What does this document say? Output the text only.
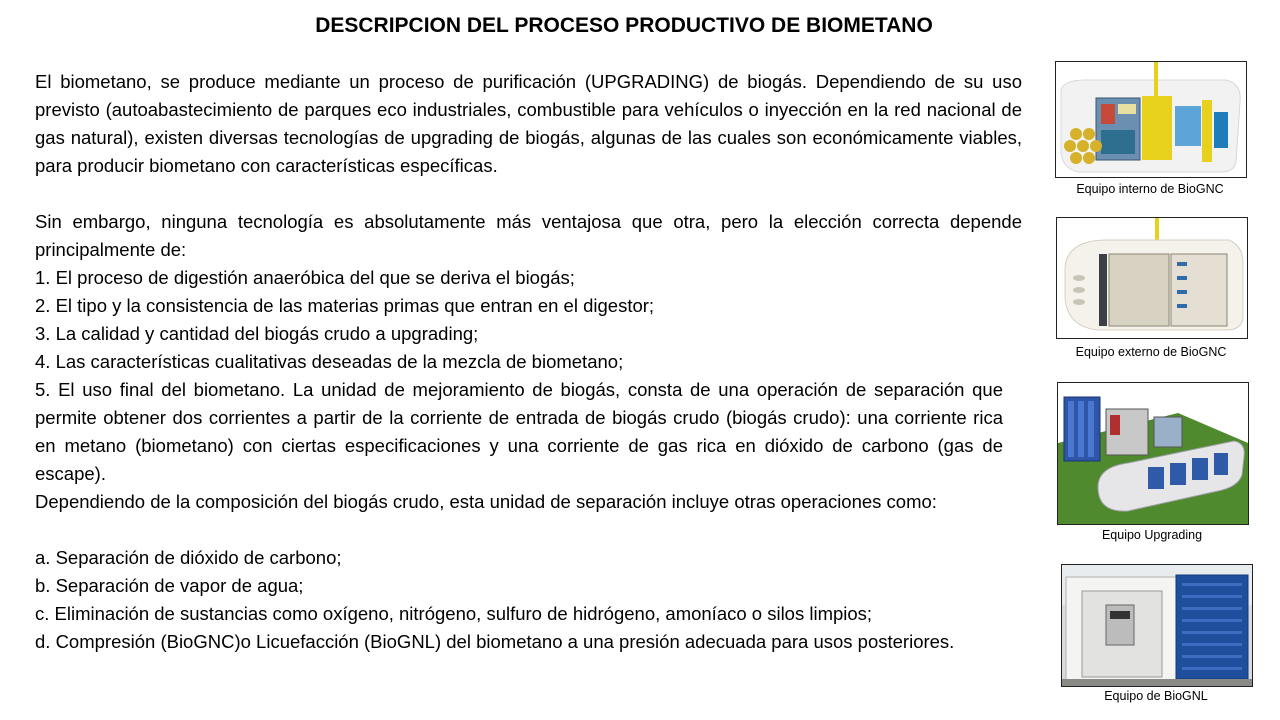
DESCRIPCION DEL PROCESO PRODUCTIVO DE BIOMETANO

El biometano, se produce mediante un proceso de purificación (UPGRADING) de biogás. Dependiendo de su uso previsto (autoabastecimiento de parques eco industriales, combustible para vehículos o inyección en la red nacional de gas natural), existen diversas tecnologías de upgrading de biogás, algunas de las cuales son económicamente viables, para producir biometano con características específicas.

Sin embargo, ninguna tecnología es absolutamente más ventajosa que otra, pero la elección correcta depende principalmente de:

1. El proceso de digestión anaeróbica del que se deriva el biogás;

2. El tipo y la consistencia de las materias primas que entran en el digestor;

3. La calidad y cantidad del biogás crudo a upgrading;

4. Las características cualitativas deseadas de la mezcla de biometano;

5. El uso final del biometano. La unidad de mejoramiento de biogás, consta de una operación de separación que permite obtener dos corrientes a partir de la corriente de entrada de biogás crudo (biogás crudo): una corriente rica en metano (biometano) con ciertas especificaciones y una corriente de gas rica en dióxido de carbono (gas de escape).

Dependiendo de la composición del biogás crudo, esta unidad de separación incluye otras operaciones como:

a. Separación de dióxido de carbono;

b. Separación de vapor de agua;

c. Eliminación de sustancias como oxígeno, nitrógeno, sulfuro de hidrógeno, amoníaco o silos limpios;

d. Compresión (BioGNC)o Licuefacción (BioGNL) del biometano a una presión adecuada para usos posteriores.

Equipo interno de BioGNC
Equipo externo de BioGNC
Equipo Upgrading
Equipo de BioGNL
